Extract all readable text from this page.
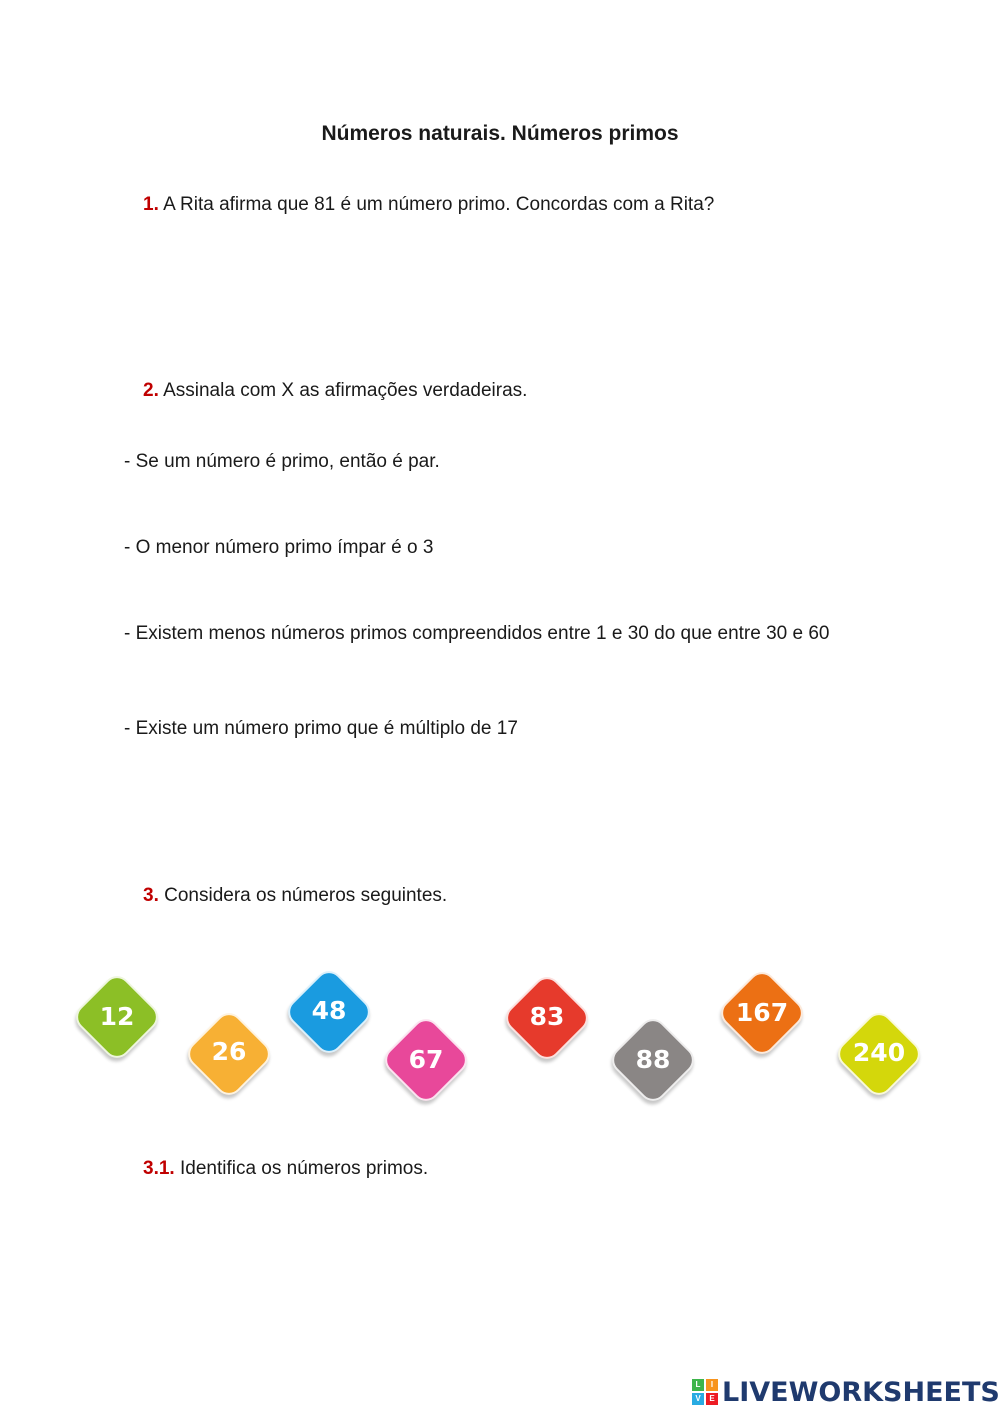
Números naturais. Números primos
1. A Rita afirma que 81 é um número primo. Concordas com a Rita?
2. Assinala com X as afirmações verdadeiras.
- Se um número é primo, então é par.
- O menor número primo ímpar é o 3
- Existem menos números primos compreendidos entre 1 e 30 do que entre 30 e 60
- Existe um número primo que é múltiplo de 17
3. Considera os números seguintes.
12
26
48
67
83
88
167
240
3.1. Identifica os números primos.
L	I
V	E LIVEWORKSHEETS
